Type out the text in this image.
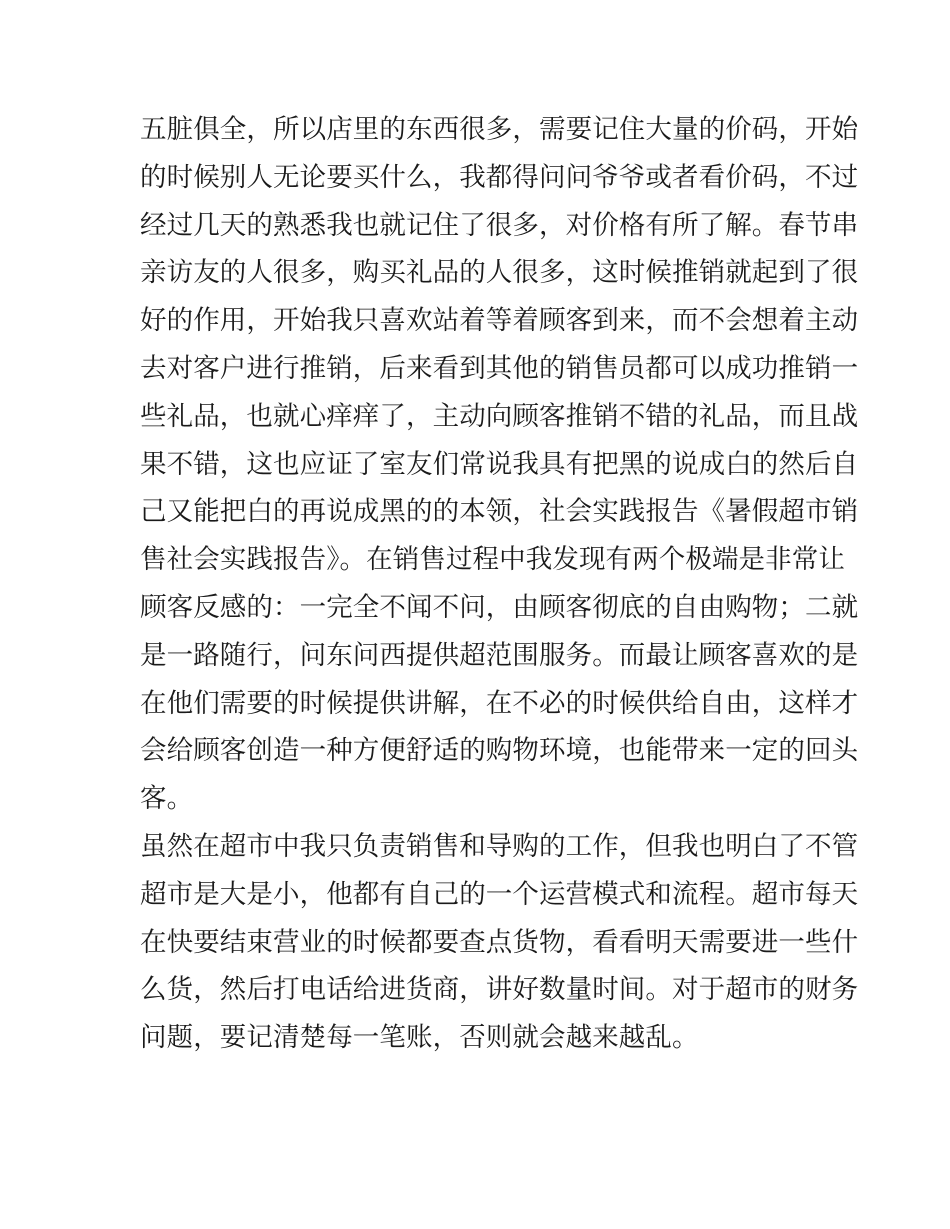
五脏俱全，所以店里的东西很多，需要记住大量的价码，开始
的时候别人无论要买什么，我都得问问爷爷或者看价码，不过
经过几天的熟悉我也就记住了很多，对价格有所了解。春节串
亲访友的人很多，购买礼品的人很多，这时候推销就起到了很
好的作用，开始我只喜欢站着等着顾客到来，而不会想着主动
去对客户进行推销，后来看到其他的销售员都可以成功推销一
些礼品，也就心痒痒了，主动向顾客推销不错的礼品，而且战
果不错，这也应证了室友们常说我具有把黑的说成白的然后自
己又能把白的再说成黑的的本领，社会实践报告《暑假超市销
售社会实践报告》。在销售过程中我发现有两个极端是非常让
顾客反感的：一完全不闻不问，由顾客彻底的自由购物；二就
是一路随行，问东问西提供超范围服务。而最让顾客喜欢的是
在他们需要的时候提供讲解，在不必的时候供给自由，这样才
会给顾客创造一种方便舒适的购物环境，也能带来一定的回头
客。
虽然在超市中我只负责销售和导购的工作，但我也明白了不管
超市是大是小，他都有自己的一个运营模式和流程。超市每天
在快要结束营业的时候都要查点货物，看看明天需要进一些什
么货，然后打电话给进货商，讲好数量时间。对于超市的财务
问题，要记清楚每一笔账，否则就会越来越乱。
